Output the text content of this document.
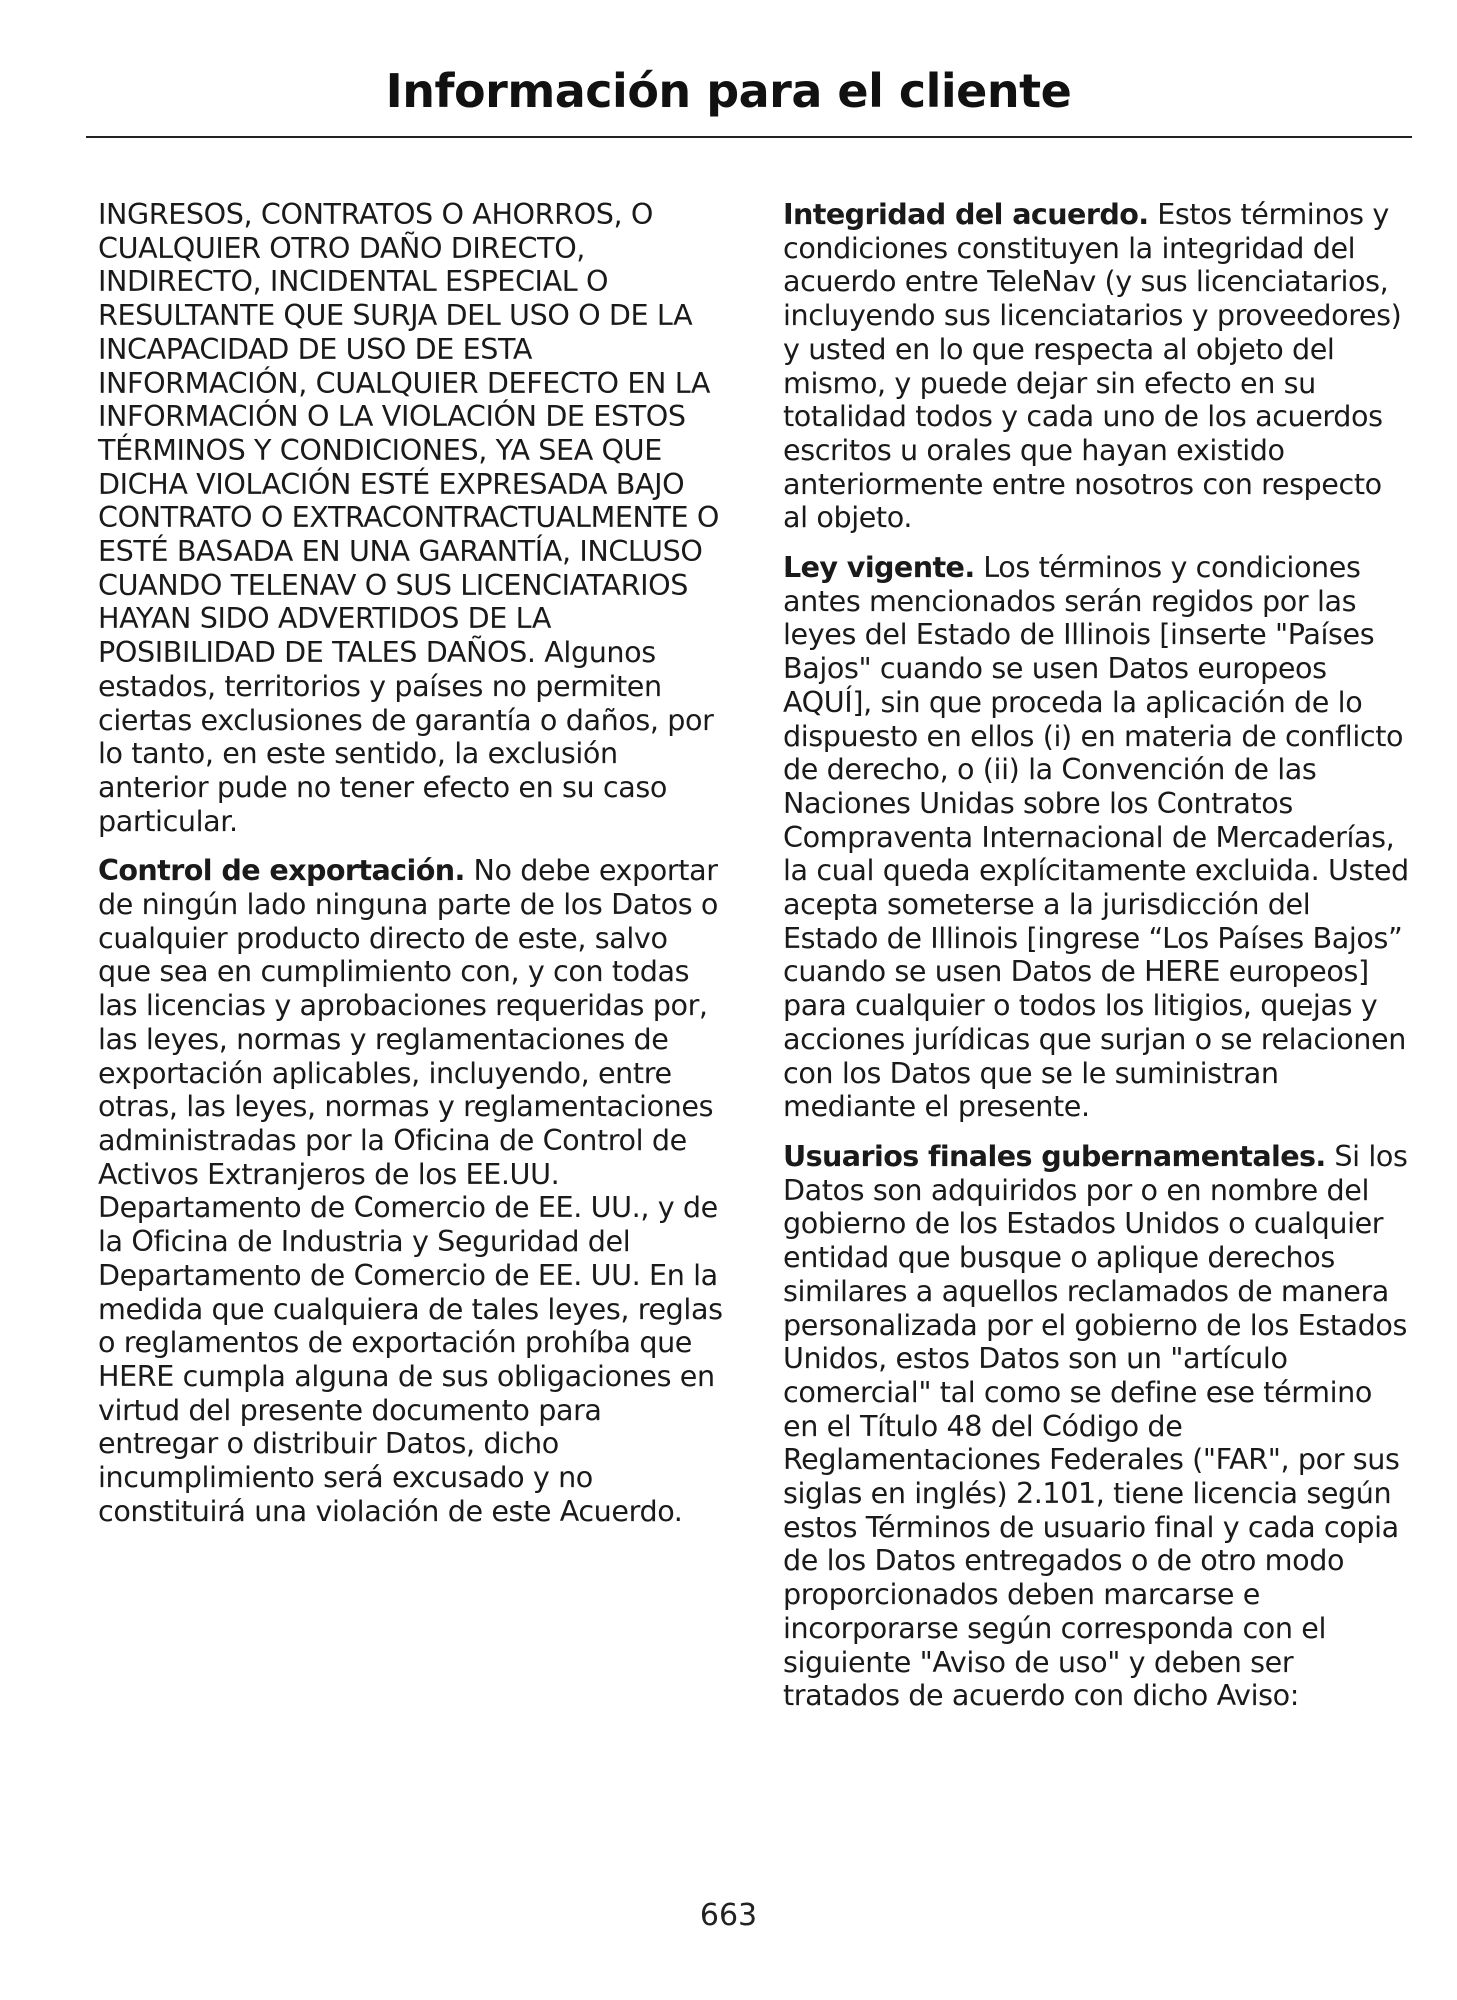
Información para el cliente

INGRESOS, CONTRATOS O AHORROS, O CUALQUIER OTRO DAÑO DIRECTO, INDIRECTO, INCIDENTAL ESPECIAL O RESULTANTE QUE SURJA DEL USO O DE LA INCAPACIDAD DE USO DE ESTA INFORMACIÓN, CUALQUIER DEFECTO EN LA INFORMACIÓN O LA VIOLACIÓN DE ESTOS TÉRMINOS Y CONDICIONES, YA SEA QUE DICHA VIOLACIÓN ESTÉ EXPRESADA BAJO CONTRATO O EXTRACONTRACTUALMENTE O ESTÉ BASADA EN UNA GARANTÍA, INCLUSO CUANDO TELENAV O SUS LICENCIATARIOS HAYAN SIDO ADVERTIDOS DE LA POSIBILIDAD DE TALES DAÑOS. Algunos estados, territorios y países no permiten ciertas exclusiones de garantía o daños, por lo tanto, en este sentido, la exclusión anterior pude no tener efecto en su caso particular.

Control de exportación. No debe exportar de ningún lado ninguna parte de los Datos o cualquier producto directo de este, salvo que sea en cumplimiento con, y con todas las licencias y aprobaciones requeridas por, las leyes, normas y reglamentaciones de exportación aplicables, incluyendo, entre otras, las leyes, normas y reglamentaciones administradas por la Oficina de Control de Activos Extranjeros de los EE.UU. Departamento de Comercio de EE. UU., y de la Oficina de Industria y Seguridad del Departamento de Comercio de EE. UU. En la medida que cualquiera de tales leyes, reglas o reglamentos de exportación prohíba que HERE cumpla alguna de sus obligaciones en virtud del presente documento para entregar o distribuir Datos, dicho incumplimiento será excusado y no constituirá una violación de este Acuerdo.

Integridad del acuerdo. Estos términos y condiciones constituyen la integridad del acuerdo entre TeleNav (y sus licenciatarios, incluyendo sus licenciatarios y proveedores) y usted en lo que respecta al objeto del mismo, y puede dejar sin efecto en su totalidad todos y cada uno de los acuerdos escritos u orales que hayan existido anteriormente entre nosotros con respecto al objeto.

Ley vigente. Los términos y condiciones antes mencionados serán regidos por las leyes del Estado de Illinois [inserte "Países Bajos" cuando se usen Datos europeos AQUÍ], sin que proceda la aplicación de lo dispuesto en ellos (i) en materia de conflicto de derecho, o (ii) la Convención de las Naciones Unidas sobre los Contratos Compraventa Internacional de Mercaderías, la cual queda explícitamente excluida. Usted acepta someterse a la jurisdicción del Estado de Illinois [ingrese “Los Países Bajos” cuando se usen Datos de HERE europeos] para cualquier o todos los litigios, quejas y acciones jurídicas que surjan o se relacionen con los Datos que se le suministran mediante el presente.

Usuarios finales gubernamentales. Si los Datos son adquiridos por o en nombre del gobierno de los Estados Unidos o cualquier entidad que busque o aplique derechos similares a aquellos reclamados de manera personalizada por el gobierno de los Estados Unidos, estos Datos son un "artículo comercial" tal como se define ese término en el Título 48 del Código de Reglamentaciones Federales ("FAR", por sus siglas en inglés) 2.101, tiene licencia según estos Términos de usuario final y cada copia de los Datos entregados o de otro modo proporcionados deben marcarse e incorporarse según corresponda con el siguiente "Aviso de uso" y deben ser tratados de acuerdo con dicho Aviso:

663
